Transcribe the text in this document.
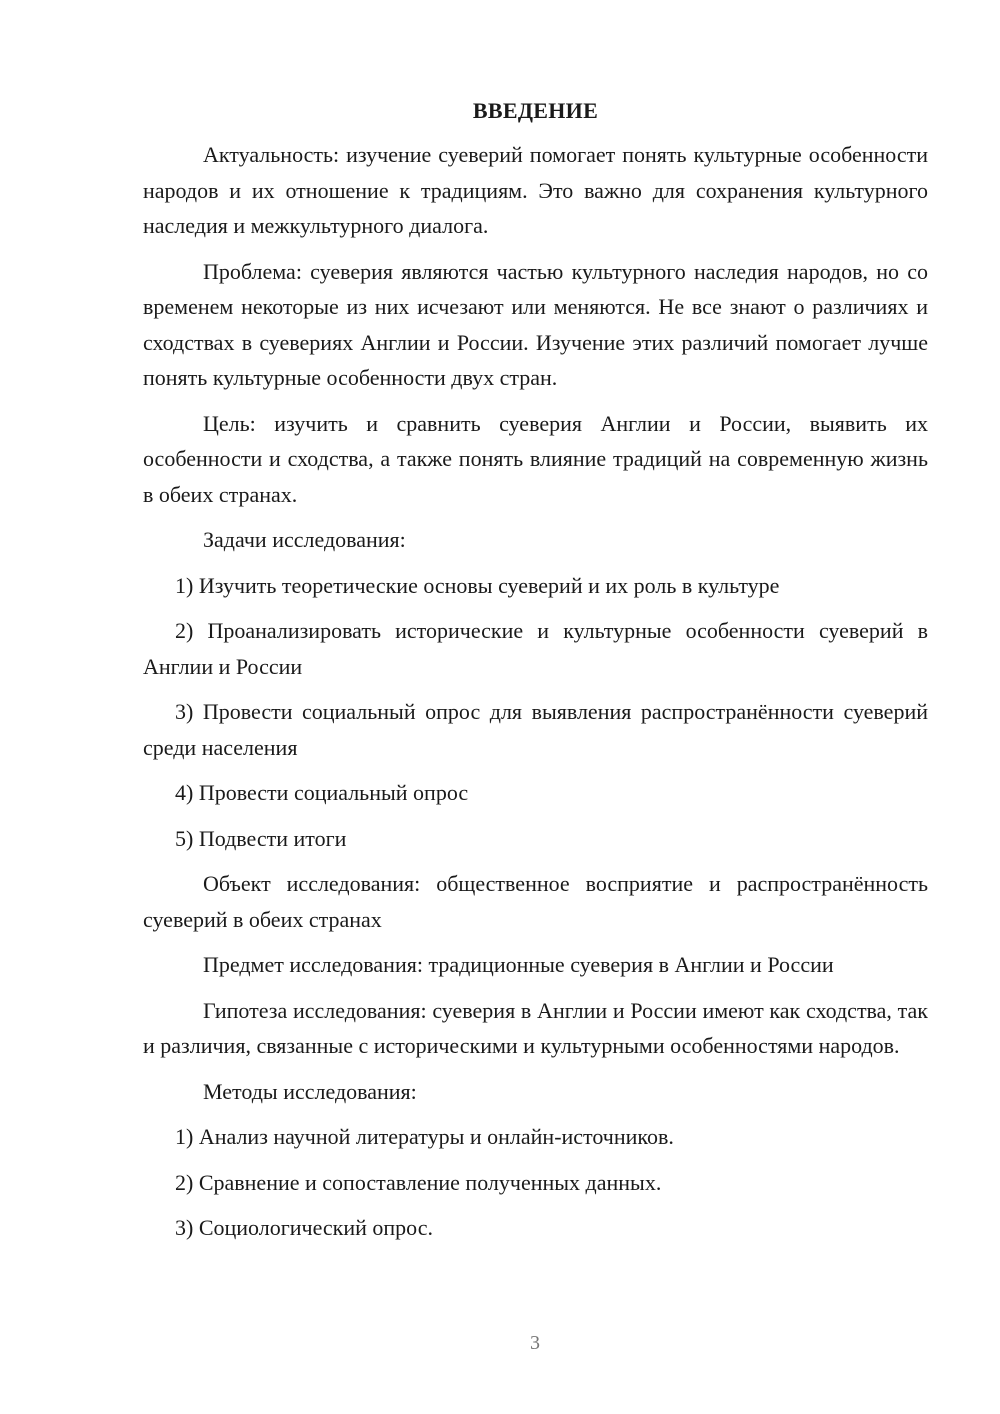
ВВЕДЕНИЕ

Актуальность: изучение суеверий помогает понять культурные особенности народов и их отношение к традициям. Это важно для сохранения культурного наследия и межкультурного диалога.

Проблема: суеверия являются частью культурного наследия народов, но со временем некоторые из них исчезают или меняются. Не все знают о различиях и сходствах в суевериях Англии и России. Изучение этих различий помогает лучше понять культурные особенности двух стран.

Цель: изучить и сравнить суеверия Англии и России, выявить их особенности и сходства, а также понять влияние традиций на современную жизнь в обеих странах.

Задачи исследования:

1) Изучить теоретические основы суеверий и их роль в культуре

2) Проанализировать исторические и культурные особенности суеверий в Англии и России

3) Провести социальный опрос для выявления распространённости суеверий среди населения

4) Провести социальный опрос

5) Подвести итоги

Объект исследования: общественное восприятие и распространённость суеверий в обеих странах

Предмет исследования: традиционные суеверия в Англии и России

Гипотеза исследования: суеверия в Англии и России имеют как сходства, так и различия, связанные с историческими и культурными особенностями народов.

Методы исследования:

1) Анализ научной литературы и онлайн-источников.

2) Сравнение и сопоставление полученных данных.

3) Социологический опрос.

3
